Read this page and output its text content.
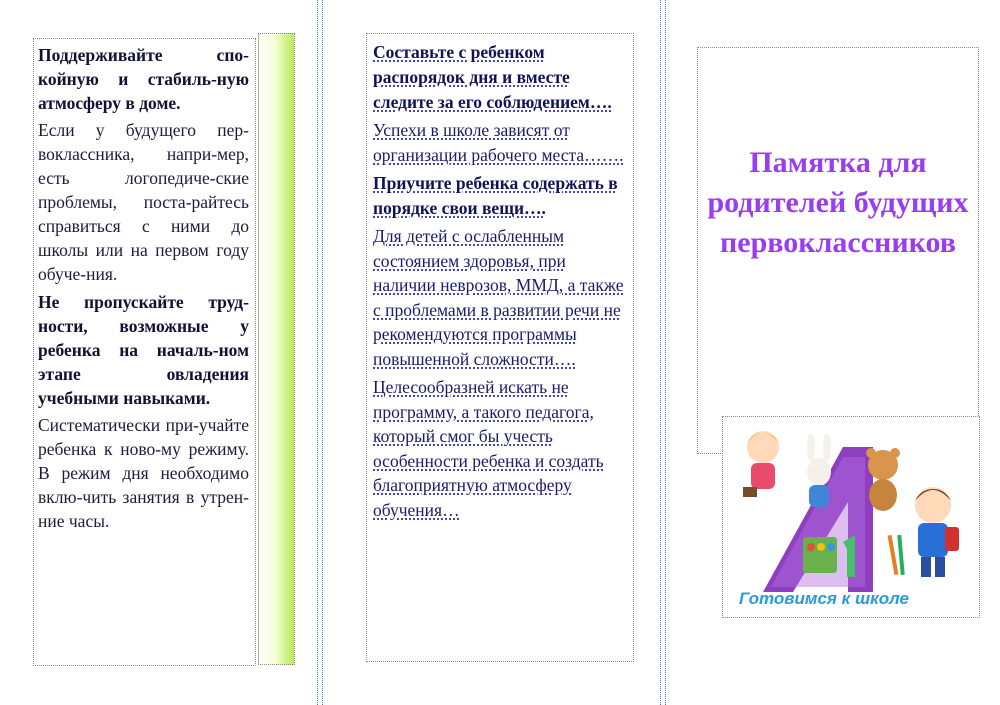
Поддерживайте спо-койную и стабиль-ную атмосферу в доме.

Если у будущего пер-воклассника, напри-мер, есть логопедиче-ские проблемы, поста-райтесь справиться с ними до школы или на первом году обуче-ния.

Не пропускайте труд-ности, возможные у ребенка на началь-ном этапе овладения учебными навыками.

Систематически при-учайте ребенка к ново-му режиму. В режим дня необходимо вклю-чить занятия в утрен-ние часы.

Составьте с ребенком распорядок дня и вместе следите за его соблюдением….

Успехи в школе зависят от организации рабочего места…….

Приучите ребенка содержать в порядке свои вещи….

Для детей с ослабленным состоянием здоровья, при наличии неврозов, ММД, а также с проблемами в развитии речи не рекомендуются программы повышенной сложности….

Целесообразней искать не программу, а такого педагога, который смог бы учесть особенности ребенка и создать благоприятную атмосферу обучения…

Памятка для родителей будущих первоклассников
Готовимся к школе
